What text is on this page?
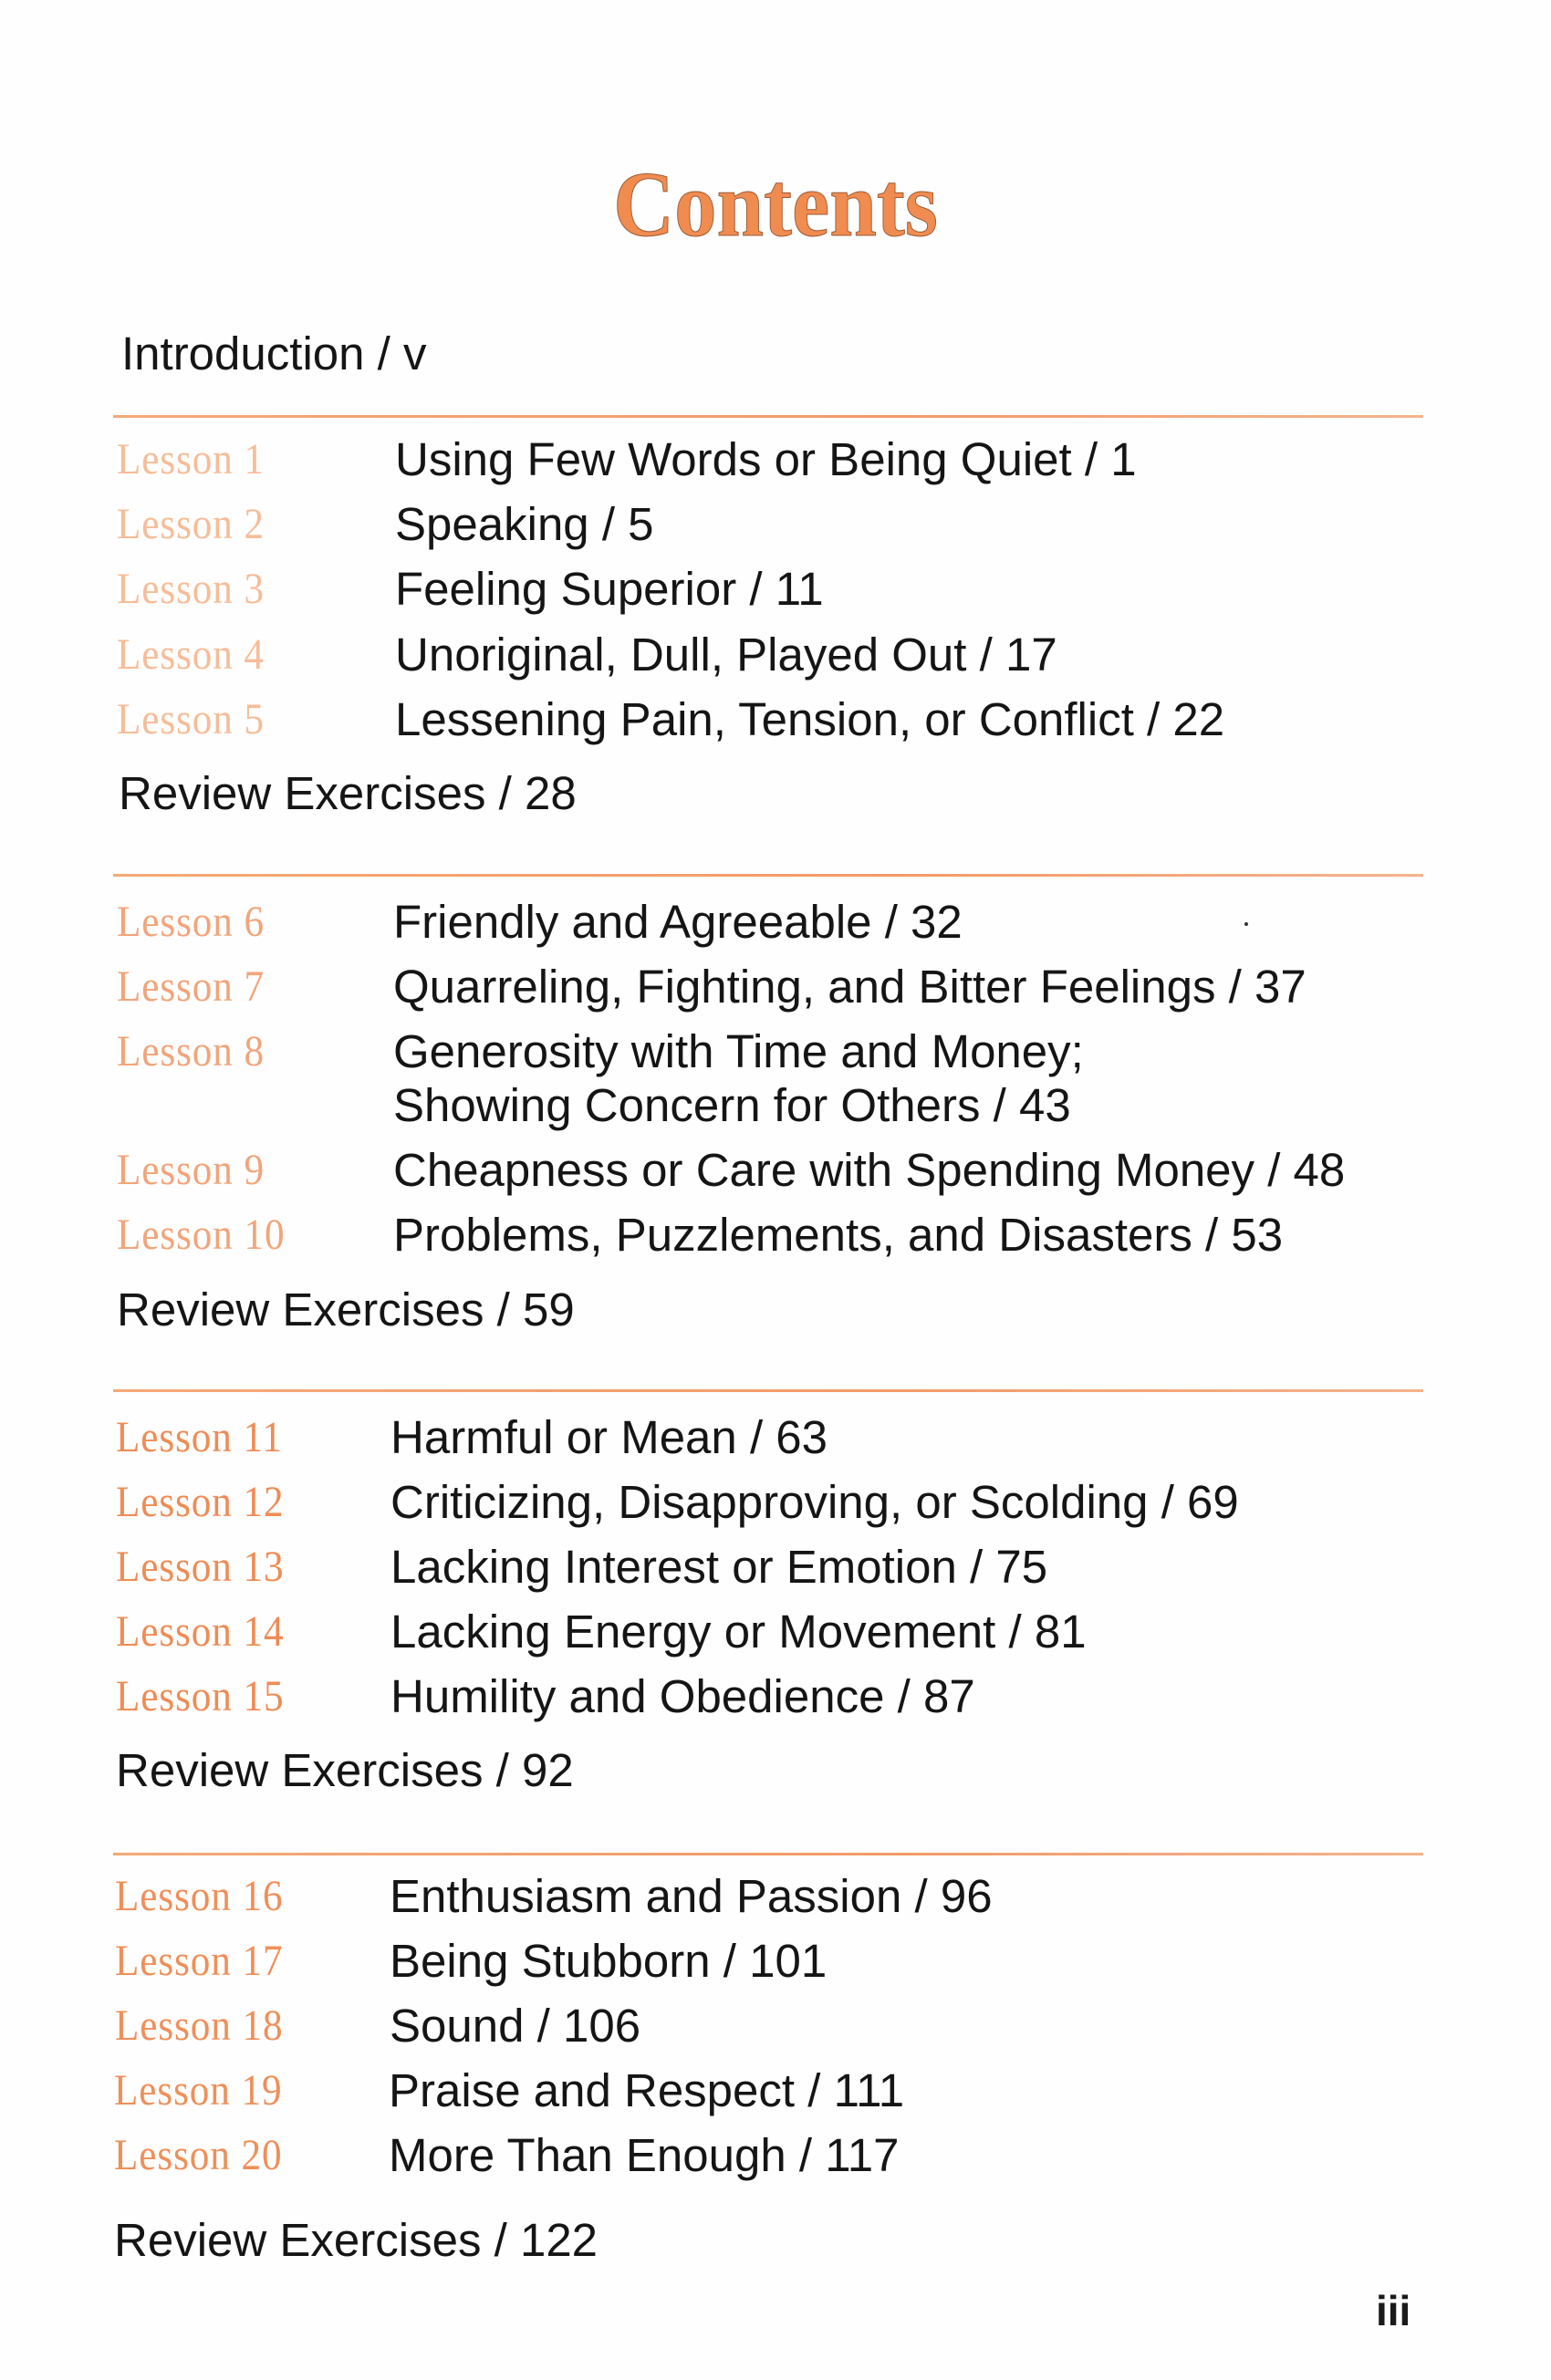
Contents
Introduction / v
Lesson 1	Using Few Words or Being Quiet / 1
Lesson 2	Speaking / 5
Lesson 3	Feeling Superior / 11
Lesson 4	Unoriginal, Dull, Played Out / 17
Lesson 5	Lessening Pain, Tension, or Conflict / 22
Review Exercises / 28
Lesson 6	Friendly and Agreeable / 32
Lesson 7	Quarreling, Fighting, and Bitter Feelings / 37
Lesson 8	Generosity with Time and Money;
Showing Concern for Others / 43
Lesson 9	Cheapness or Care with Spending Money / 48
Lesson 10 Problems, Puzzlements, and Disasters / 53
Review Exercises / 59
Lesson 11 Harmful or Mean / 63
Lesson 12 Criticizing, Disapproving, or Scolding / 69
Lesson 13 Lacking Interest or Emotion / 75
Lesson 14 Lacking Energy or Movement / 81
Lesson 15 Humility and Obedience / 87
Review Exercises / 92
Lesson 16 Enthusiasm and Passion / 96
Lesson 17 Being Stubborn / 101
Lesson 18 Sound / 106
Lesson 19 Praise and Respect / 111
Lesson 20 More Than Enough / 117
Review Exercises / 122
iii
